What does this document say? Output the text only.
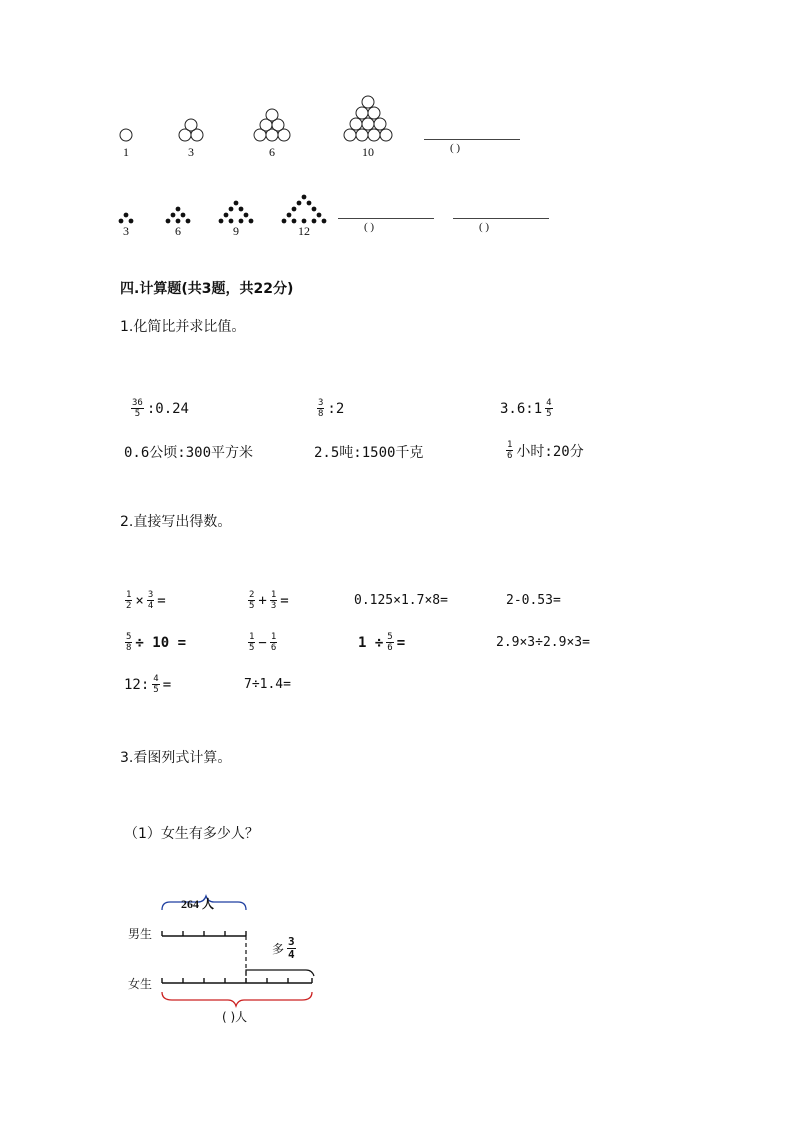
1	3	6	10	( )
3	6	9	12	( )	( )
四.计算题(共3题，共22分)
1.化简比并求比值。
$\frac{36}{5}$ :0.24	$\frac{3}{8}$ :2	3.6:1 $\frac{4}{5}$
0.6公顷:300平方米	2.5吨:1500千克	$\frac{1}{6}$ 小时:20分
2.直接写出得数。
$\frac{1}{2} \times \frac{3}{4}$ =	$\frac{2}{5} + \frac{1}{3}$ =	0.125×1.7×8=	2-0.53=
$\frac{5}{8} \div 10$ =	$\frac{1}{5} - \frac{1}{6}$	$1 \div \frac{5}{6}$ =	2.9×3÷2.9×3=
12: $\frac{4}{5}$ =	7÷1.4=
3.看图列式计算。
（1）女生有多少人？
264 人
男生
女生
多 $\frac{3}{4}$
( )人
